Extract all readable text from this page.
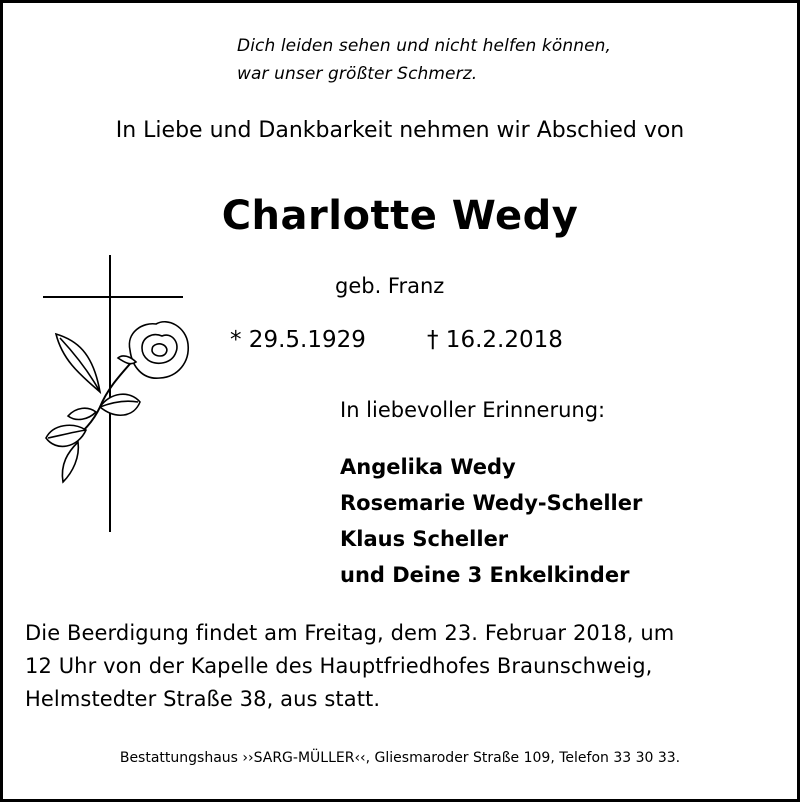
Dich leiden sehen und nicht helfen können,
war unser größter Schmerz.
In Liebe und Dankbarkeit nehmen wir Abschied von
Charlotte Wedy
geb. Franz
* 29.5.1929	† 16.2.2018
In liebevoller Erinnerung:
Angelika Wedy
Rosemarie Wedy-Scheller
Klaus Scheller
und Deine 3 Enkelkinder
Die Beerdigung findet am Freitag, dem 23. Februar 2018, um
12 Uhr von der Kapelle des Hauptfriedhofes Braunschweig,
Helmstedter Straße 38, aus statt.
Bestattungshaus ››SARG-MÜLLER‹‹, Gliesmaroder Straße 109, Telefon 33 30 33.
